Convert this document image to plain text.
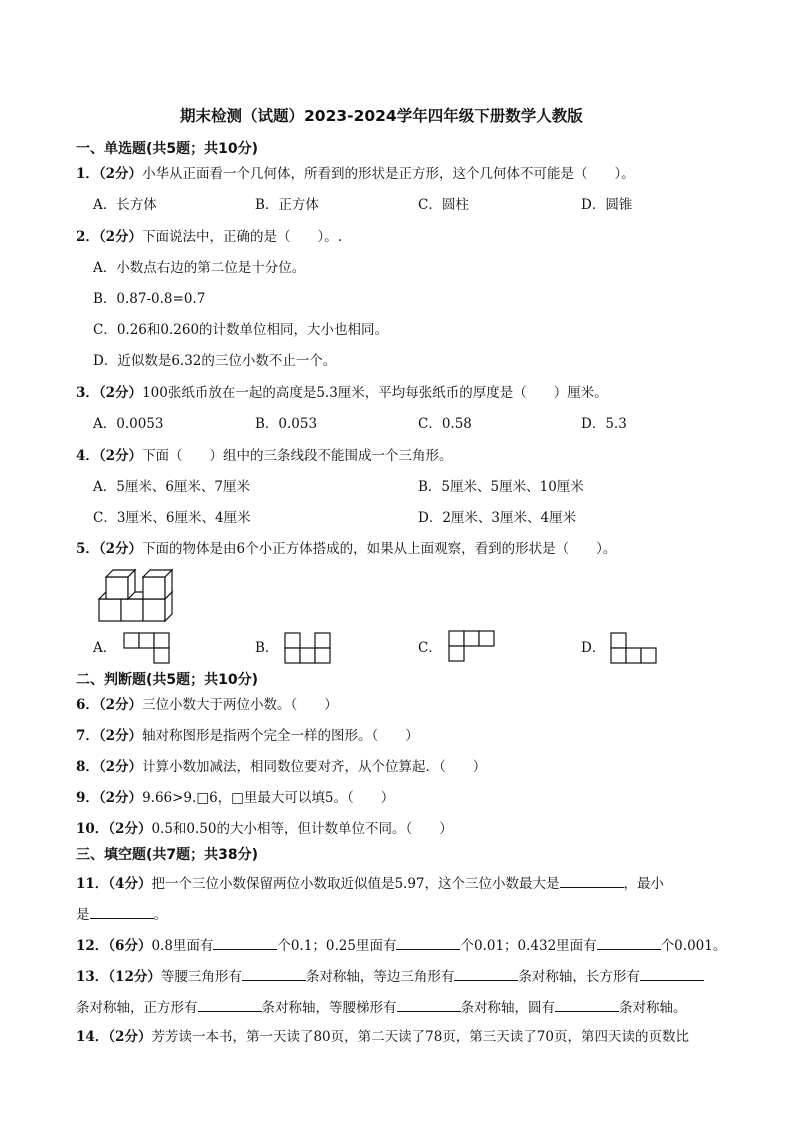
期末检测（试题）2023-2024学年四年级下册数学人教版
一、单选题(共5题；共10分)
1．（2分）小华从正面看一个几何体，所看到的形状是正方形，这个几何体不可能是（　　）。
A．长方体	B．正方体	C．圆柱	D．圆锥
2．（2分）下面说法中，正确的是（　　）。.
A．小数点右边的第二位是十分位。
B．0.87-0.8=0.7
C．0.26和0.260的计数单位相同，大小也相同。
D．近似数是6.32的三位小数不止一个。
3．（2分）100张纸币放在一起的高度是5.3厘米，平均每张纸币的厚度是（　　）厘米。
A．0.0053	B．0.053	C．0.58	D．5.3
4．（2分）下面（　　）组中的三条线段不能围成一个三角形。
A．5厘米、6厘米、7厘米	B．5厘米、5厘米、10厘米
C．3厘米、6厘米、4厘米	D．2厘米、3厘米、4厘米
5．（2分）下面的物体是由6个小正方体搭成的，如果从上面观察，看到的形状是（　　）。
A．	B．	C．	D．
二、判断题(共5题；共10分)
6．（2分）三位小数大于两位小数。（　　）
7．（2分）轴对称图形是指两个完全一样的图形。（　　）
8．（2分）计算小数加减法，相同数位要对齐，从个位算起．（　　）
9．（2分）9.66>9.□6，□里最大可以填5。（　　）
10．（2分）0.5和0.50的大小相等，但计数单位不同。（　　）
三、填空题(共7题；共38分)
11．（4分）把一个三位小数保留两位小数取近似值是5.97，这个三位小数最大是	，最小
是	。
12．（6分）0.8里面有	个0.1；0.25里面有	个0.01；0.432里面有	个0.001。
13．（12分）等腰三角形有	条对称轴，等边三角形有	条对称轴，长方形有
条对称轴，正方形有	条对称轴，等腰梯形有	条对称轴，圆有	条对称轴。
14．（2分）芳芳读一本书，第一天读了80页，第二天读了78页，第三天读了70页，第四天读的页数比
